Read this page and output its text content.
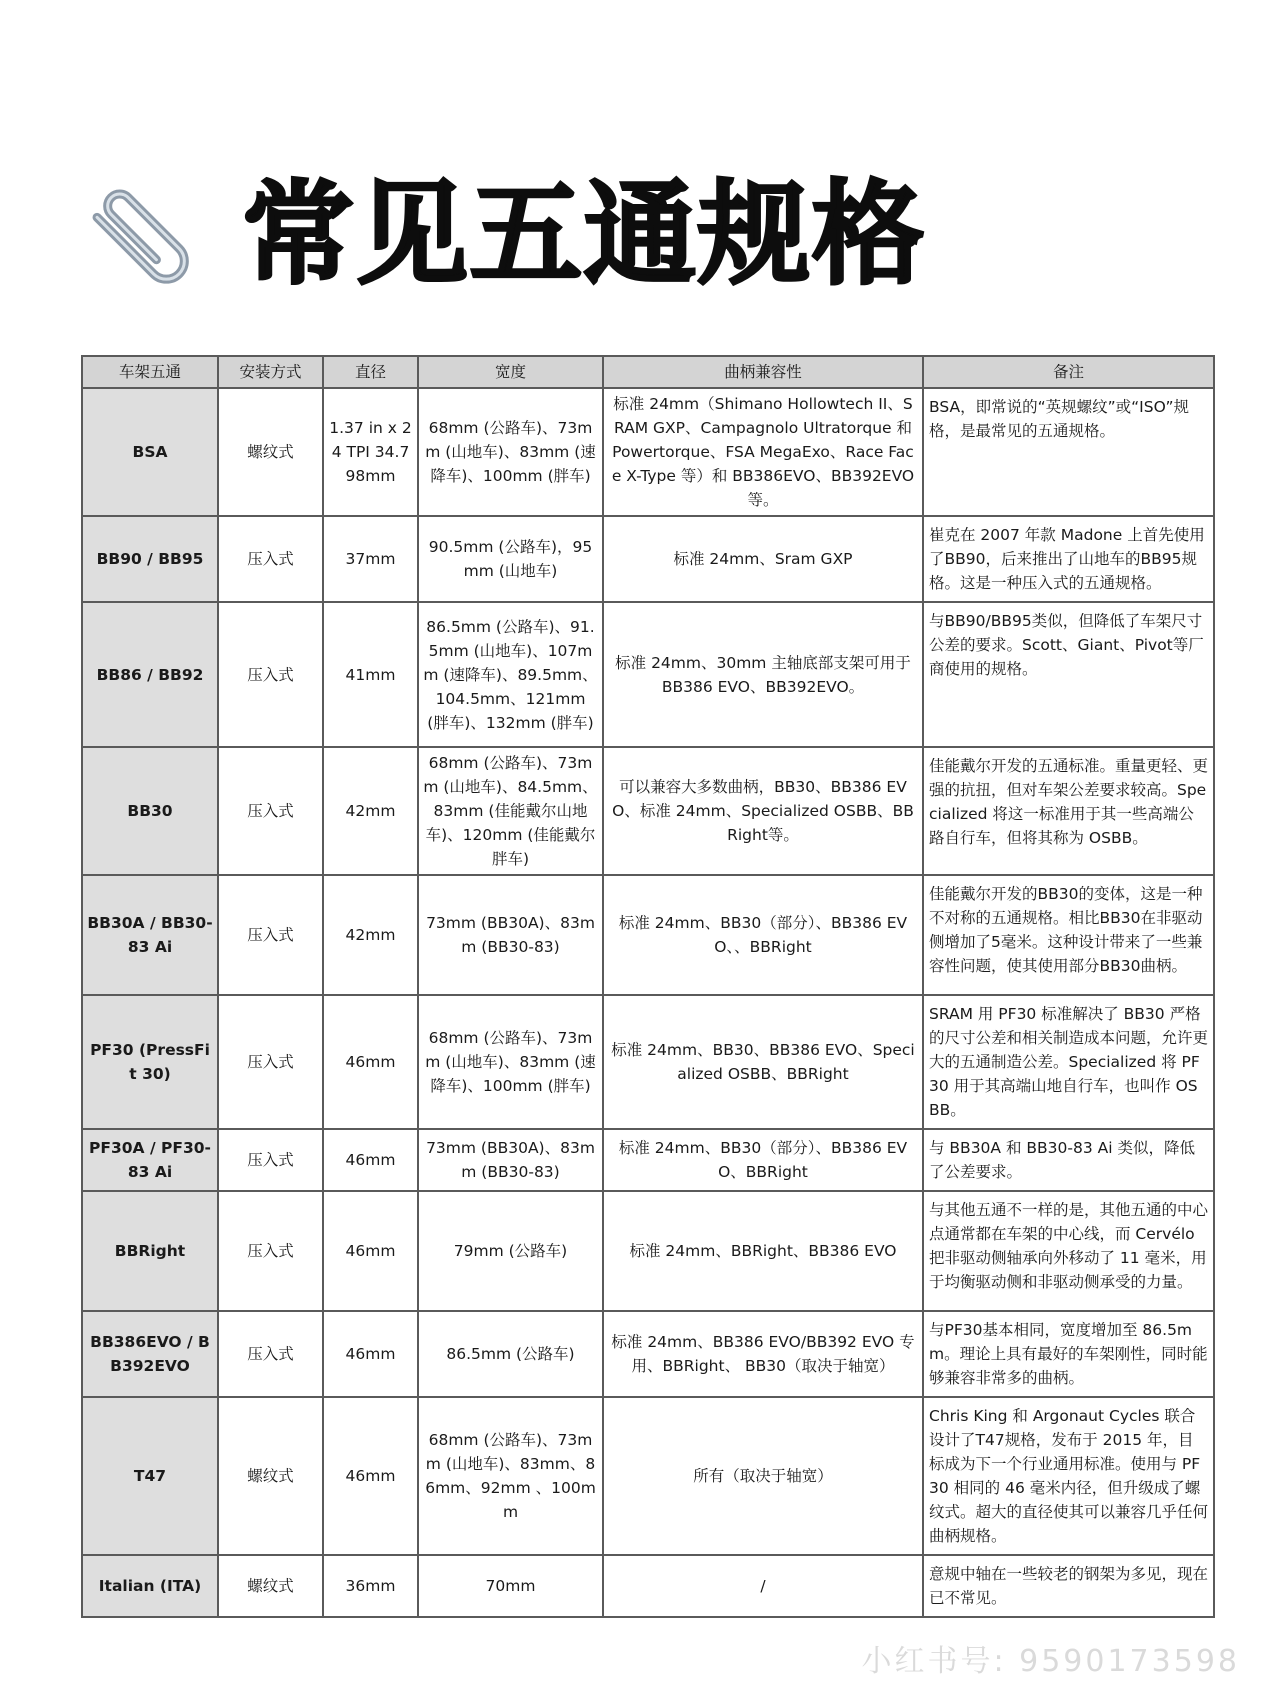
常见五通规格
车架五通	安装方式	直径	宽度	曲柄兼容性	备注
BSA	螺纹式	1.37 in x 24 TPI 34.798mm	68mm (公路车)、73mm (山地车)、83mm (速降车)、100mm (胖车)	标准 24mm（Shimano Hollowtech II、SRAM GXP、Campagnolo Ultratorque 和 Powertorque、FSA MegaExo、Race Face X-Type 等）和 BB386EVO、BB392EVO 等。	BSA，即常说的“英规螺纹”或“ISO”规格，是最常见的五通规格。
BB90 / BB95	压入式	37mm	90.5mm (公路车)，95mm (山地车)	标准 24mm、Sram GXP	崔克在 2007 年款 Madone 上首先使用了BB90，后来推出了山地车的BB95规格。这是一种压入式的五通规格。
BB86 / BB92	压入式	41mm	86.5mm (公路车)、91.5mm (山地车)、107mm (速降车)、89.5mm、104.5mm、121mm (胖车)、132mm (胖车)	标准 24mm、30mm 主轴底部支架可用于 BB386 EVO、BB392EVO。	与BB90/BB95类似，但降低了车架尺寸公差的要求。Scott、Giant、Pivot等厂商使用的规格。
BB30	压入式	42mm	68mm (公路车)、73mm (山地车)、84.5mm、83mm (佳能戴尔山地车)、120mm (佳能戴尔胖车)	可以兼容大多数曲柄，BB30、BB386 EVO、标准 24mm、Specialized OSBB、BBRight等。	佳能戴尔开发的五通标准。重量更轻、更强的抗扭，但对车架公差要求较高。Specialized 将这一标准用于其一些高端公路自行车，但将其称为 OSBB。
BB30A / BB30-83 Ai	压入式	42mm	73mm (BB30A)、83mm (BB30-83)	标准 24mm、BB30（部分）、BB386 EVO、、BBRight	佳能戴尔开发的BB30的变体，这是一种不对称的五通规格。相比BB30在非驱动侧增加了5毫米。这种设计带来了一些兼容性问题，使其使用部分BB30曲柄。
PF30 (PressFit 30)	压入式	46mm	68mm (公路车)、73mm (山地车)、83mm (速降车)、100mm (胖车)	标准 24mm、BB30、BB386 EVO、Specialized OSBB、BBRight	SRAM 用 PF30 标准解决了 BB30 严格的尺寸公差和相关制造成本问题，允许更大的五通制造公差。Specialized 将 PF30 用于其高端山地自行车，也叫作 OSBB。
PF30A / PF30-83 Ai	压入式	46mm	73mm (BB30A)、83mm (BB30-83)	标准 24mm、BB30（部分）、BB386 EVO、BBRight	与 BB30A 和 BB30-83 Ai 类似，降低了公差要求。
BBRight	压入式	46mm	79mm (公路车)	标准 24mm、BBRight、BB386 EVO	与其他五通不一样的是，其他五通的中心点通常都在车架的中心线，而 Cervélo 把非驱动侧轴承向外移动了 11 毫米，用于均衡驱动侧和非驱动侧承受的力量。
BB386EVO / BB392EVO	压入式	46mm	86.5mm (公路车)	标准 24mm、BB386 EVO/BB392 EVO 专用、BBRight、 BB30（取决于轴宽）	与PF30基本相同，宽度增加至 86.5mm。理论上具有最好的车架刚性，同时能够兼容非常多的曲柄。
T47	螺纹式	46mm	68mm (公路车)、73mm (山地车)、83mm、86mm、92mm 、100mm	所有（取决于轴宽）	Chris King 和 Argonaut Cycles 联合设计了T47规格，发布于 2015 年，目标成为下一个行业通用标准。使用与 PF30 相同的 46 毫米内径，但升级成了螺纹式。超大的直径使其可以兼容几乎任何曲柄规格。
Italian (ITA)	螺纹式	36mm	70mm	/	意规中轴在一些较老的钢架为多见，现在已不常见。
小红书号: 9590173598
